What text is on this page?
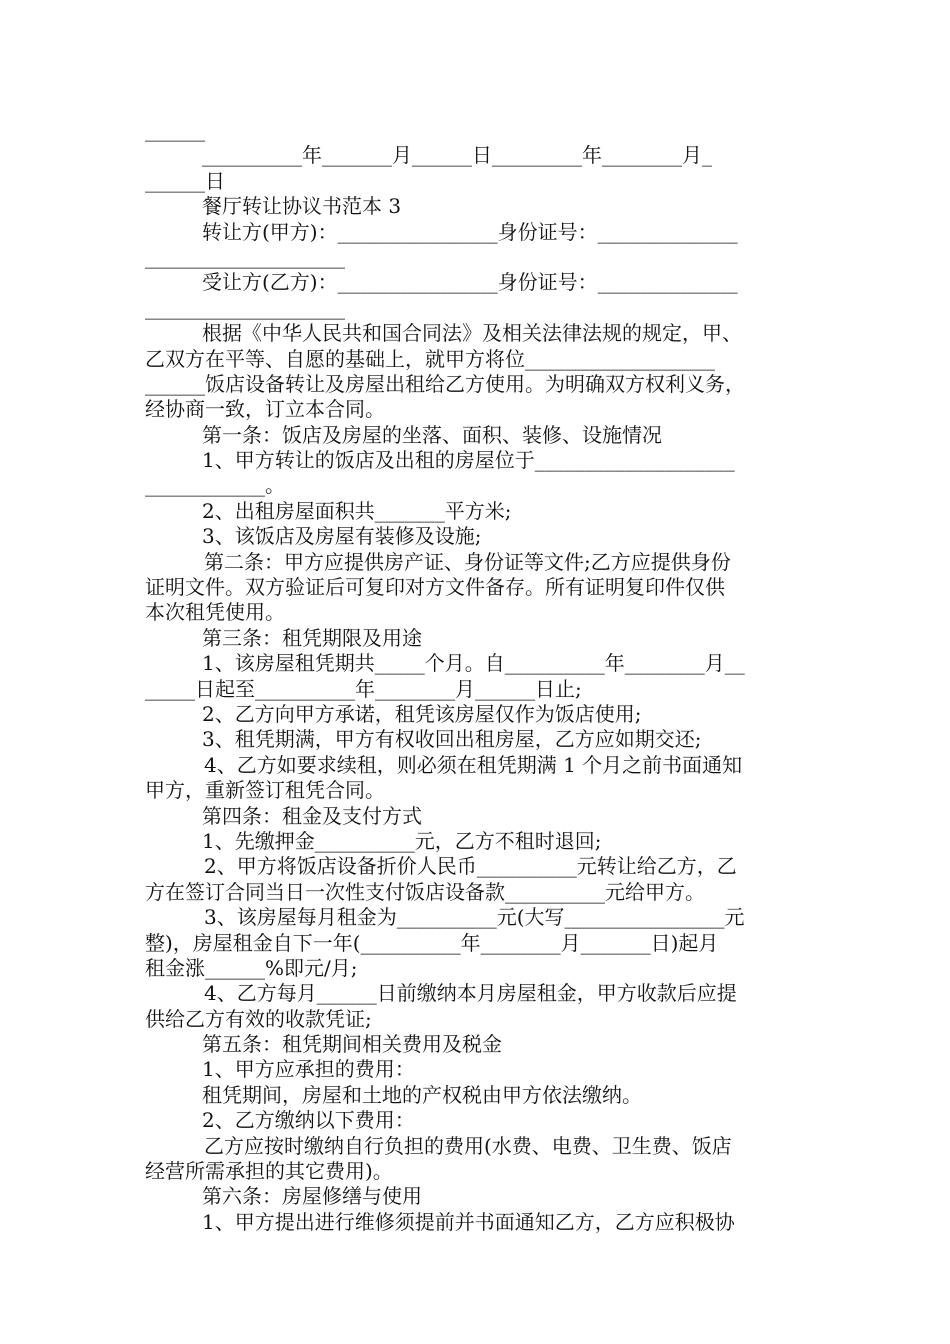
______
__________年_______月______日_________年________月_
______日
餐厅转让协议书范本 3
转让方(甲方)：________________身份证号：______________
____________________
受让方(乙方)：________________身份证号：______________
____________________
根据《中华人民共和国合同法》及相关法律法规的规定，甲、
乙双方在平等、自愿的基础上，就甲方将位___________________
______饭店设备转让及房屋出租给乙方使用。为明确双方权利义务，
经协商一致，订立本合同。
第一条：饭店及房屋的坐落、面积、装修、设施情况
1、甲方转让的饭店及出租的房屋位于____________________
____________。
2、出租房屋面积共_______平方米;
3、该饭店及房屋有装修及设施;
第二条：甲方应提供房产证、身份证等文件;乙方应提供身份
证明文件。双方验证后可复印对方文件备存。所有证明复印件仅供
本次租凭使用。
第三条：租凭期限及用途
1、该房屋租凭期共_____个月。自__________年________月__
_____日起至__________年________月______日止;
2、乙方向甲方承诺，租凭该房屋仅作为饭店使用;
3、租凭期满，甲方有权收回出租房屋，乙方应如期交还;
4、乙方如要求续租，则必须在租凭期满 1 个月之前书面通知
甲方，重新签订租凭合同。
第四条：租金及支付方式
1、先缴押金__________元，乙方不租时退回;
2、甲方将饭店设备折价人民币__________元转让给乙方，乙
方在签订合同当日一次性支付饭店设备款__________元给甲方。
3、该房屋每月租金为__________元(大写________________元
整)，房屋租金自下一年(__________年________月_______日)起月
租金涨______%即元/月;
4、乙方每月______日前缴纳本月房屋租金，甲方收款后应提
供给乙方有效的收款凭证;
第五条：租凭期间相关费用及税金
1、甲方应承担的费用：
租凭期间，房屋和土地的产权税由甲方依法缴纳。
2、乙方缴纳以下费用：
乙方应按时缴纳自行负担的费用(水费、电费、卫生费、饭店
经营所需承担的其它费用)。
第六条：房屋修缮与使用
1、甲方提出进行维修须提前并书面通知乙方，乙方应积极协
